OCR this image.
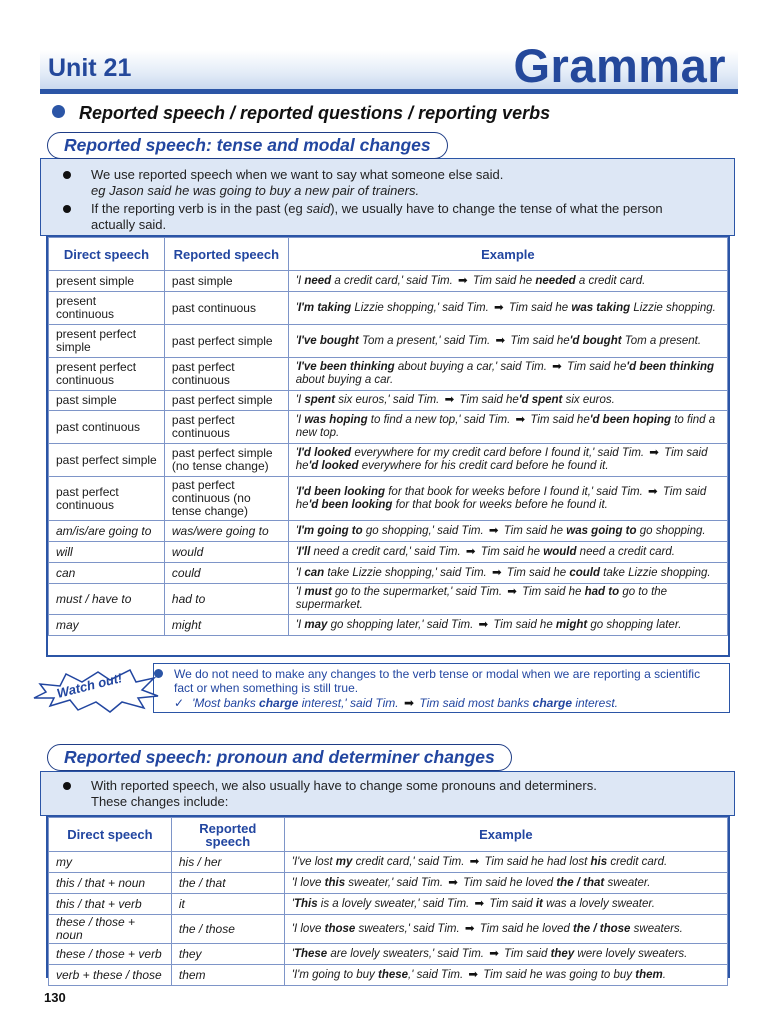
Unit 21	Grammar
Reported speech / reported questions / reporting verbs
Reported speech: tense and modal changes
We use reported speech when we want to say what someone else said.
eg Jason said he was going to buy a new pair of trainers.
If the reporting verb is in the past (eg said), we usually have to change the tense of what the person
actually said.
Direct speech	Reported speech	Example
present simple	past simple	'I need a credit card,' said Tim. ➡ Tim said he needed a credit card.
present continuous	past continuous	'I'm taking Lizzie shopping,' said Tim. ➡ Tim said he was taking Lizzie shopping.
present perfect simple	past perfect simple	'I've bought Tom a present,' said Tim. ➡ Tim said he'd bought Tom a present.
present perfect continuous	past perfect continuous	'I've been thinking about buying a car,' said Tim. ➡ Tim said he'd been thinking about buying a car.
past simple	past perfect simple	'I spent six euros,' said Tim. ➡ Tim said he'd spent six euros.
past continuous	past perfect continuous	'I was hoping to find a new top,' said Tim. ➡ Tim said he'd been hoping to find a new top.
past perfect simple	past perfect simple (no tense change)	'I'd looked everywhere for my credit card before I found it,' said Tim. ➡ Tim said he'd looked everywhere for his credit card before he found it.
past perfect continuous	past perfect continuous (no tense change)	'I'd been looking for that book for weeks before I found it,' said Tim. ➡ Tim said he'd been looking for that book for weeks before he found it.
am/is/are going to	was/were going to	'I'm going to go shopping,' said Tim. ➡ Tim said he was going to go shopping.
will	would	'I'll need a credit card,' said Tim. ➡ Tim said he would need a credit card.
can	could	'I can take Lizzie shopping,' said Tim. ➡ Tim said he could take Lizzie shopping.
must / have to	had to	'I must go to the supermarket,' said Tim. ➡ Tim said he had to go to the supermarket.
may	might	'I may go shopping later,' said Tim. ➡ Tim said he might go shopping later.
Watch out!	We do not need to make any changes to the verb tense or modal when we are reporting a scientific
fact or when something is still true.
✓ 'Most banks charge interest,' said Tim. ➡ Tim said most banks charge interest.
Reported speech: pronoun and determiner changes
With reported speech, we also usually have to change some pronouns and determiners.
These changes include:
Direct speech	Reported speech	Example
my	his / her	'I've lost my credit card,' said Tim. ➡ Tim said he had lost his credit card.
this / that + noun	the / that	'I love this sweater,' said Tim. ➡ Tim said he loved the / that sweater.
this / that + verb	it	'This is a lovely sweater,' said Tim. ➡ Tim said it was a lovely sweater.
these / those + noun	the / those	'I love those sweaters,' said Tim. ➡ Tim said he loved the / those sweaters.
these / those + verb	they	'These are lovely sweaters,' said Tim. ➡ Tim said they were lovely sweaters.
verb + these / those	them	'I'm going to buy these,' said Tim. ➡ Tim said he was going to buy them.
130
